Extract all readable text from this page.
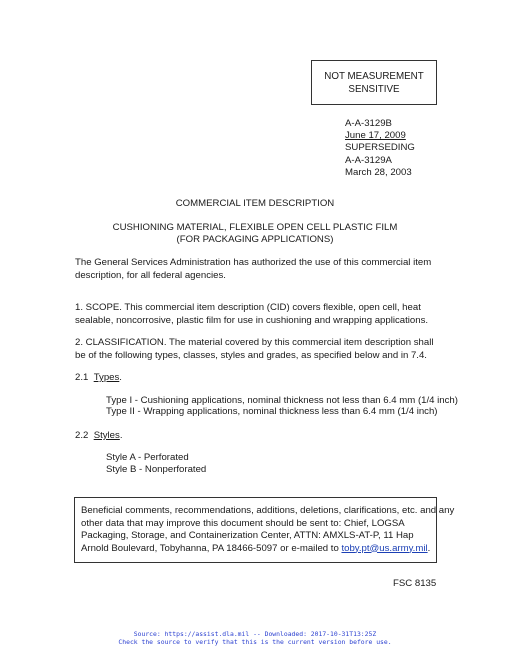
NOT MEASUREMENT
SENSITIVE
A-A-3129B
June 17, 2009
SUPERSEDING
A-A-3129A
March 28, 2003
COMMERCIAL ITEM DESCRIPTION
CUSHIONING MATERIAL, FLEXIBLE OPEN CELL PLASTIC FILM
(FOR PACKAGING APPLICATIONS)
The General Services Administration has authorized the use of this commercial item
description, for all federal agencies.
1. SCOPE. This commercial item description (CID) covers flexible, open cell, heat
sealable, noncorrosive, plastic film for use in cushioning and wrapping applications.
2. CLASSIFICATION. The material covered by this commercial item description shall
be of the following types, classes, styles and grades, as specified below and in 7.4.
2.1 Types.
Type I - Cushioning applications, nominal thickness not less than 6.4 mm (1/4 inch)
Type II - Wrapping applications, nominal thickness less than 6.4 mm (1/4 inch)
2.2 Styles.
Style A - Perforated
Style B - Nonperforated
Beneficial comments, recommendations, additions, deletions, clarifications, etc. and any
other data that may improve this document should be sent to: Chief, LOGSA
Packaging, Storage, and Containerization Center, ATTN: AMXLS-AT-P, 11 Hap
Arnold Boulevard, Tobyhanna, PA 18466-5097 or e-mailed to toby.pt@us.army.mil.
FSC 8135
Source: https://assist.dla.mil -- Downloaded: 2017-10-31T13:25Z
Check the source to verify that this is the current version before use.
